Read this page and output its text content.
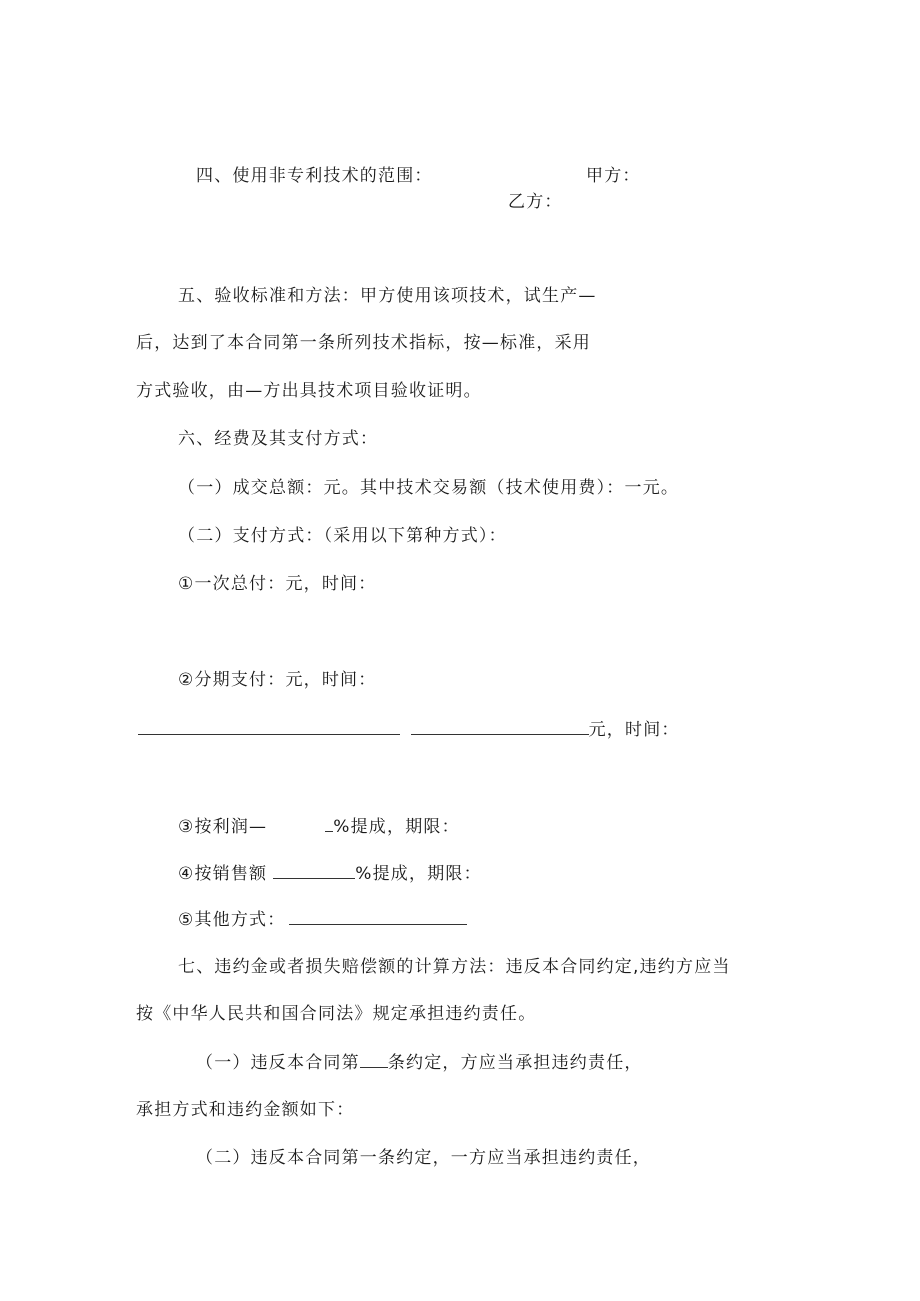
四、使用非专利技术的范围：	甲方：
乙方：
五、验收标准和方法：甲方使用该项技术，试生产—
后，达到了本合同第一条所列技术指标，按—标准，采用
方式验收，由—方出具技术项目验收证明。
六、经费及其支付方式：
（一）成交总额：元。其中技术交易额（技术使用费）：一元。
（二）支付方式：（采用以下第种方式）：
①一次总付：元，时间：
②分期支付：元，时间：
元，时间：
③按利润—	%提成，期限：
④按销售额	%提成，期限：
⑤其他方式：
七、违约金或者损失赔偿额的计算方法：违反本合同约定,违约方应当
按《中华人民共和国合同法》规定承担违约责任。
（一）违反本合同第 条约定，方应当承担违约责任，
承担方式和违约金额如下：
（二）违反本合同第一条约定，一方应当承担违约责任，
